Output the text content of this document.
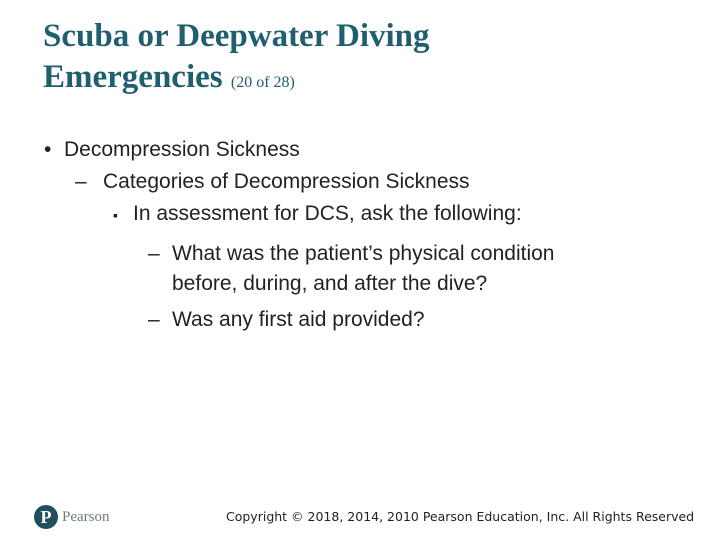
Scuba or Deepwater Diving
Emergencies (20 of 28)
• Decompression Sickness
– Categories of Decompression Sickness
▪ In assessment for DCS, ask the following:
– What was the patient’s physical condition
before, during, and after the dive?
– Was any first aid provided?
P Pearson	Copyright © 2018, 2014, 2010 Pearson Education, Inc. All Rights Reserved
